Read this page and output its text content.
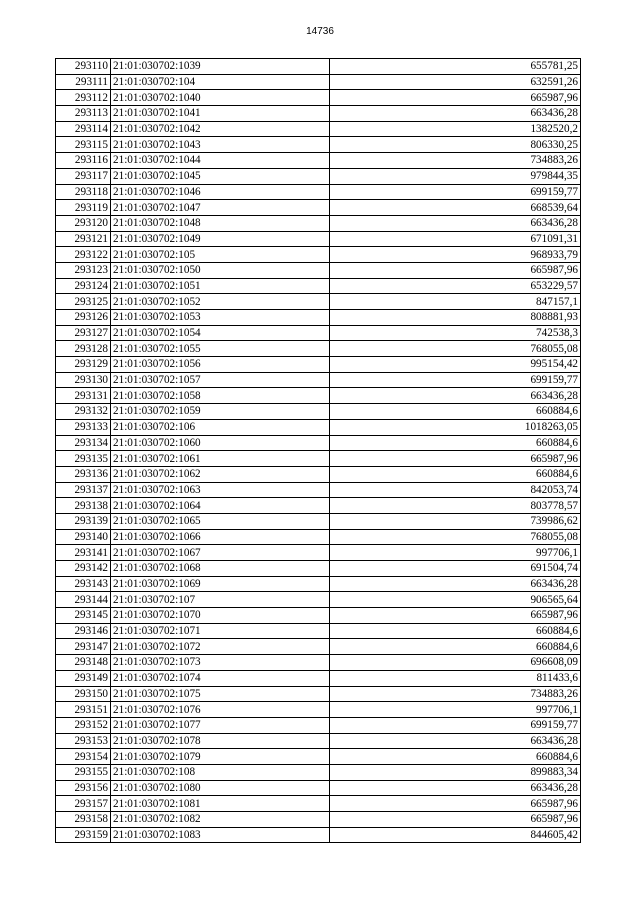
14736
293110	21:01:030702:1039	655781,25
293111	21:01:030702:104	632591,26
293112	21:01:030702:1040	665987,96
293113	21:01:030702:1041	663436,28
293114	21:01:030702:1042	1382520,2
293115	21:01:030702:1043	806330,25
293116	21:01:030702:1044	734883,26
293117	21:01:030702:1045	979844,35
293118	21:01:030702:1046	699159,77
293119	21:01:030702:1047	668539,64
293120	21:01:030702:1048	663436,28
293121	21:01:030702:1049	671091,31
293122	21:01:030702:105	968933,79
293123	21:01:030702:1050	665987,96
293124	21:01:030702:1051	653229,57
293125	21:01:030702:1052	847157,1
293126	21:01:030702:1053	808881,93
293127	21:01:030702:1054	742538,3
293128	21:01:030702:1055	768055,08
293129	21:01:030702:1056	995154,42
293130	21:01:030702:1057	699159,77
293131	21:01:030702:1058	663436,28
293132	21:01:030702:1059	660884,6
293133	21:01:030702:106	1018263,05
293134	21:01:030702:1060	660884,6
293135	21:01:030702:1061	665987,96
293136	21:01:030702:1062	660884,6
293137	21:01:030702:1063	842053,74
293138	21:01:030702:1064	803778,57
293139	21:01:030702:1065	739986,62
293140	21:01:030702:1066	768055,08
293141	21:01:030702:1067	997706,1
293142	21:01:030702:1068	691504,74
293143	21:01:030702:1069	663436,28
293144	21:01:030702:107	906565,64
293145	21:01:030702:1070	665987,96
293146	21:01:030702:1071	660884,6
293147	21:01:030702:1072	660884,6
293148	21:01:030702:1073	696608,09
293149	21:01:030702:1074	811433,6
293150	21:01:030702:1075	734883,26
293151	21:01:030702:1076	997706,1
293152	21:01:030702:1077	699159,77
293153	21:01:030702:1078	663436,28
293154	21:01:030702:1079	660884,6
293155	21:01:030702:108	899883,34
293156	21:01:030702:1080	663436,28
293157	21:01:030702:1081	665987,96
293158	21:01:030702:1082	665987,96
293159	21:01:030702:1083	844605,42
